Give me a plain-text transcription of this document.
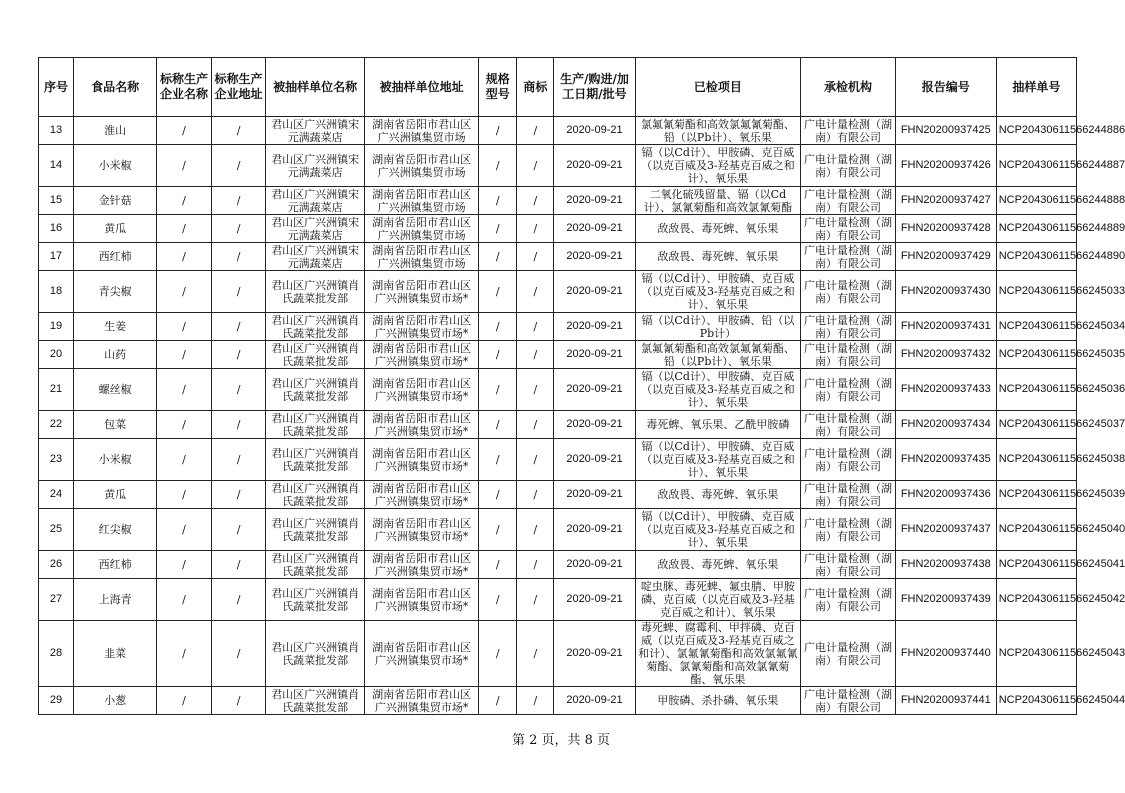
序号	食品名称	标称生产企业名称	标称生产企业地址	被抽样单位名称	被抽样单位地址	规格型号	商标	生产/购进/加工日期/批号	已检项目	承检机构	报告编号	抽样单号
13	淮山	/	/	君山区广兴洲镇宋元满蔬菜店	湖南省岳阳市君山区广兴洲镇集贸市场	/	/	2020-09-21	氯氟氰菊酯和高效氯氟氰菊酯、铅（以Pb计）、氧乐果	广电计量检测（湖南）有限公司	FHN20200937425	NCP20430611566244886
14	小米椒	/	/	君山区广兴洲镇宋元满蔬菜店	湖南省岳阳市君山区广兴洲镇集贸市场	/	/	2020-09-21	镉（以Cd计）、甲胺磷、克百威（以克百威及3-羟基克百威之和计）、氧乐果	广电计量检测（湖南）有限公司	FHN20200937426	NCP20430611566244887
15	金针菇	/	/	君山区广兴洲镇宋元满蔬菜店	湖南省岳阳市君山区广兴洲镇集贸市场	/	/	2020-09-21	二氧化硫残留量、镉（以Cd计）、氯氰菊酯和高效氯氰菊酯	广电计量检测（湖南）有限公司	FHN20200937427	NCP20430611566244888
16	黄瓜	/	/	君山区广兴洲镇宋元满蔬菜店	湖南省岳阳市君山区广兴洲镇集贸市场	/	/	2020-09-21	敌敌畏、毒死蜱、氧乐果	广电计量检测（湖南）有限公司	FHN20200937428	NCP20430611566244889
17	西红柿	/	/	君山区广兴洲镇宋元满蔬菜店	湖南省岳阳市君山区广兴洲镇集贸市场	/	/	2020-09-21	敌敌畏、毒死蜱、氧乐果	广电计量检测（湖南）有限公司	FHN20200937429	NCP20430611566244890
18	青尖椒	/	/	君山区广兴洲镇肖氏蔬菜批发部	湖南省岳阳市君山区广兴洲镇集贸市场*	/	/	2020-09-21	镉（以Cd计）、甲胺磷、克百威（以克百威及3-羟基克百威之和计）、氧乐果	广电计量检测（湖南）有限公司	FHN20200937430	NCP20430611566245033
19	生姜	/	/	君山区广兴洲镇肖氏蔬菜批发部	湖南省岳阳市君山区广兴洲镇集贸市场*	/	/	2020-09-21	镉（以Cd计）、甲胺磷、铅（以Pb计）	广电计量检测（湖南）有限公司	FHN20200937431	NCP20430611566245034
20	山药	/	/	君山区广兴洲镇肖氏蔬菜批发部	湖南省岳阳市君山区广兴洲镇集贸市场*	/	/	2020-09-21	氯氟氰菊酯和高效氯氟氰菊酯、铅（以Pb计）、氧乐果	广电计量检测（湖南）有限公司	FHN20200937432	NCP20430611566245035
21	螺丝椒	/	/	君山区广兴洲镇肖氏蔬菜批发部	湖南省岳阳市君山区广兴洲镇集贸市场*	/	/	2020-09-21	镉（以Cd计）、甲胺磷、克百威（以克百威及3-羟基克百威之和计）、氧乐果	广电计量检测（湖南）有限公司	FHN20200937433	NCP20430611566245036
22	包菜	/	/	君山区广兴洲镇肖氏蔬菜批发部	湖南省岳阳市君山区广兴洲镇集贸市场*	/	/	2020-09-21	毒死蜱、氧乐果、乙酰甲胺磷	广电计量检测（湖南）有限公司	FHN20200937434	NCP20430611566245037
23	小米椒	/	/	君山区广兴洲镇肖氏蔬菜批发部	湖南省岳阳市君山区广兴洲镇集贸市场*	/	/	2020-09-21	镉（以Cd计）、甲胺磷、克百威（以克百威及3-羟基克百威之和计）、氧乐果	广电计量检测（湖南）有限公司	FHN20200937435	NCP20430611566245038
24	黄瓜	/	/	君山区广兴洲镇肖氏蔬菜批发部	湖南省岳阳市君山区广兴洲镇集贸市场*	/	/	2020-09-21	敌敌畏、毒死蜱、氧乐果	广电计量检测（湖南）有限公司	FHN20200937436	NCP20430611566245039
25	红尖椒	/	/	君山区广兴洲镇肖氏蔬菜批发部	湖南省岳阳市君山区广兴洲镇集贸市场*	/	/	2020-09-21	镉（以Cd计）、甲胺磷、克百威（以克百威及3-羟基克百威之和计）、氧乐果	广电计量检测（湖南）有限公司	FHN20200937437	NCP20430611566245040
26	西红柿	/	/	君山区广兴洲镇肖氏蔬菜批发部	湖南省岳阳市君山区广兴洲镇集贸市场*	/	/	2020-09-21	敌敌畏、毒死蜱、氧乐果	广电计量检测（湖南）有限公司	FHN20200937438	NCP20430611566245041
27	上海青	/	/	君山区广兴洲镇肖氏蔬菜批发部	湖南省岳阳市君山区广兴洲镇集贸市场*	/	/	2020-09-21	啶虫脒、毒死蜱、氟虫腈、甲胺磷、克百威（以克百威及3-羟基克百威之和计）、氧乐果	广电计量检测（湖南）有限公司	FHN20200937439	NCP20430611566245042
28	韭菜	/	/	君山区广兴洲镇肖氏蔬菜批发部	湖南省岳阳市君山区广兴洲镇集贸市场*	/	/	2020-09-21	毒死蜱、腐霉利、甲拌磷、克百威（以克百威及3-羟基克百威之和计）、氯氟氰菊酯和高效氯氟氰菊酯、氯氰菊酯和高效氯氰菊酯、氧乐果	广电计量检测（湖南）有限公司	FHN20200937440	NCP20430611566245043
29	小葱	/	/	君山区广兴洲镇肖氏蔬菜批发部	湖南省岳阳市君山区广兴洲镇集贸市场*	/	/	2020-09-21	甲胺磷、杀扑磷、氧乐果	广电计量检测（湖南）有限公司	FHN20200937441	NCP20430611566245044
第 2 页，共 8 页
